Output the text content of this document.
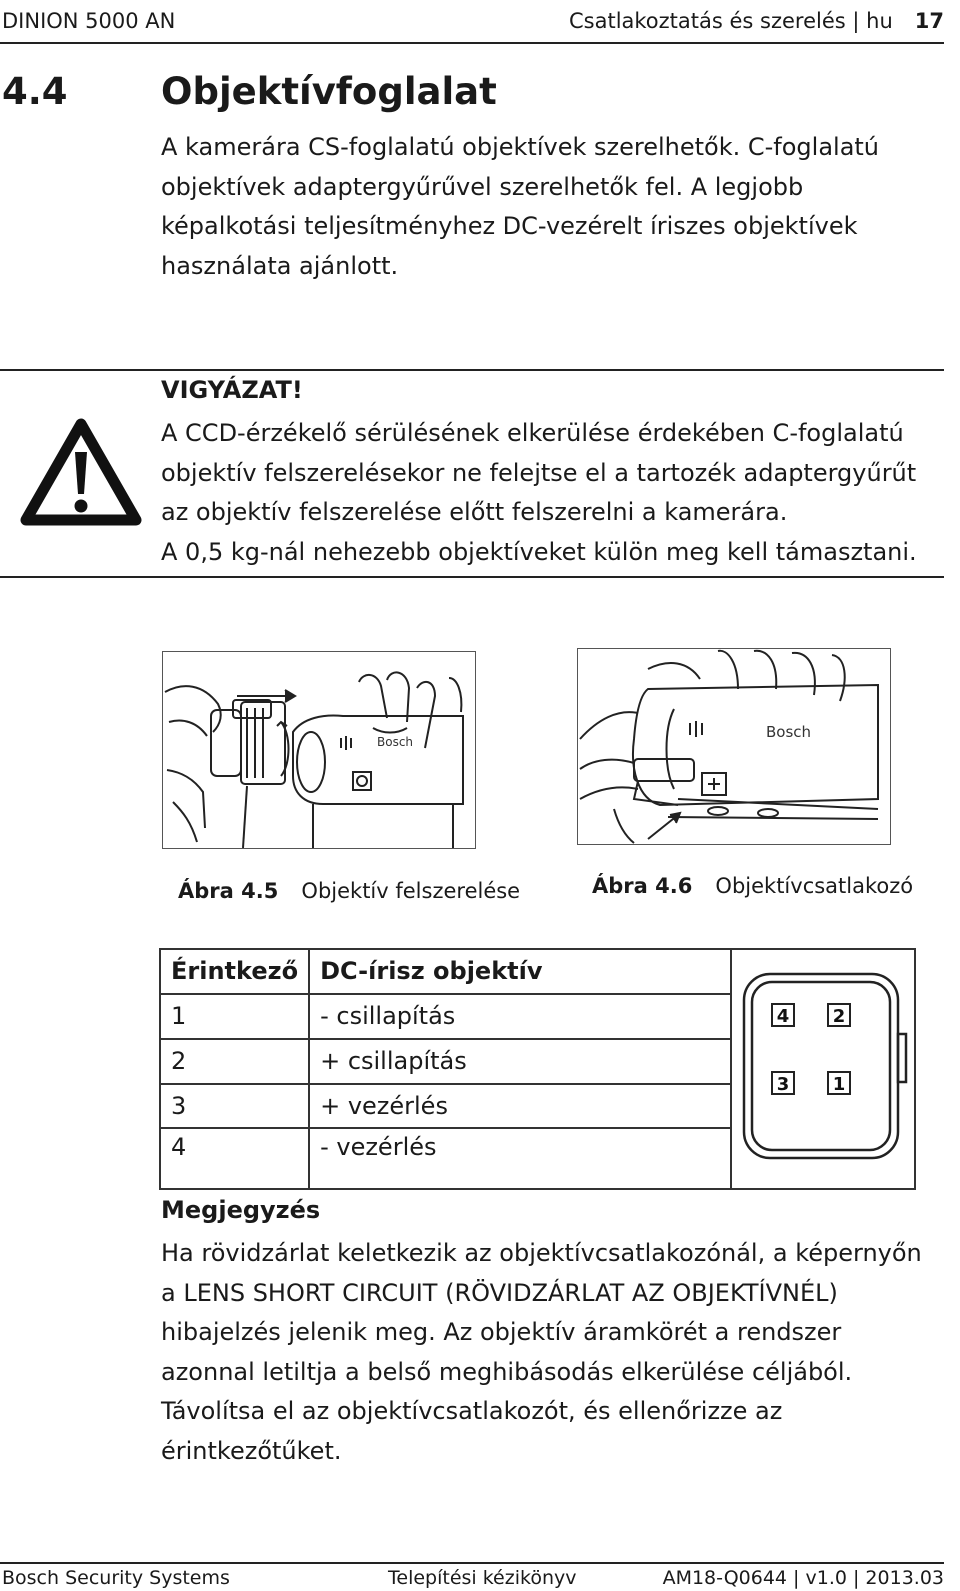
DINION 5000 AN	Csatlakoztatás és szerelés | hu 17
4.4	Objektívfoglalat
A kamerára CS-foglalatú objektívek szerelhetők. C-foglalatú
objektívek adaptergyűrűvel szerelhetők fel. A legjobb
képalkotási teljesítményhez DC-vezérelt íriszes objektívek
használata ajánlott.
VIGYÁZAT!
A CCD-érzékelő sérülésének elkerülése érdekében C-foglalatú
objektív felszerelésekor ne felejtse el a tartozék adaptergyűrűt
az objektív felszerelése előtt felszerelni a kamerára.
A 0,5 kg-nál nehezebb objektíveket külön meg kell támasztani.
Bosch
Bosch
Ábra 4.5 Objektív felszerelése	Ábra 4.6 Objektívcsatlakozó
Érintkező	DC-írisz objektív	4 2
3 1

1	- csillapítás	
2	+ csillapítás	
3	+ vezérlés	
4	- vezérlés	
Megjegyzés
Ha rövidzárlat keletkezik az objektívcsatlakozónál, a képernyőn
a LENS SHORT CIRCUIT (RÖVIDZÁRLAT AZ OBJEKTÍVNÉL)
hibajelzés jelenik meg. Az objektív áramkörét a rendszer
azonnal letiltja a belső meghibásodás elkerülése céljából.
Távolítsa el az objektívcsatlakozót, és ellenőrizze az
érintkezőtűket.
Bosch Security Systems	Telepítési kézikönyv	AM18-Q0644 | v1.0 | 2013.03
